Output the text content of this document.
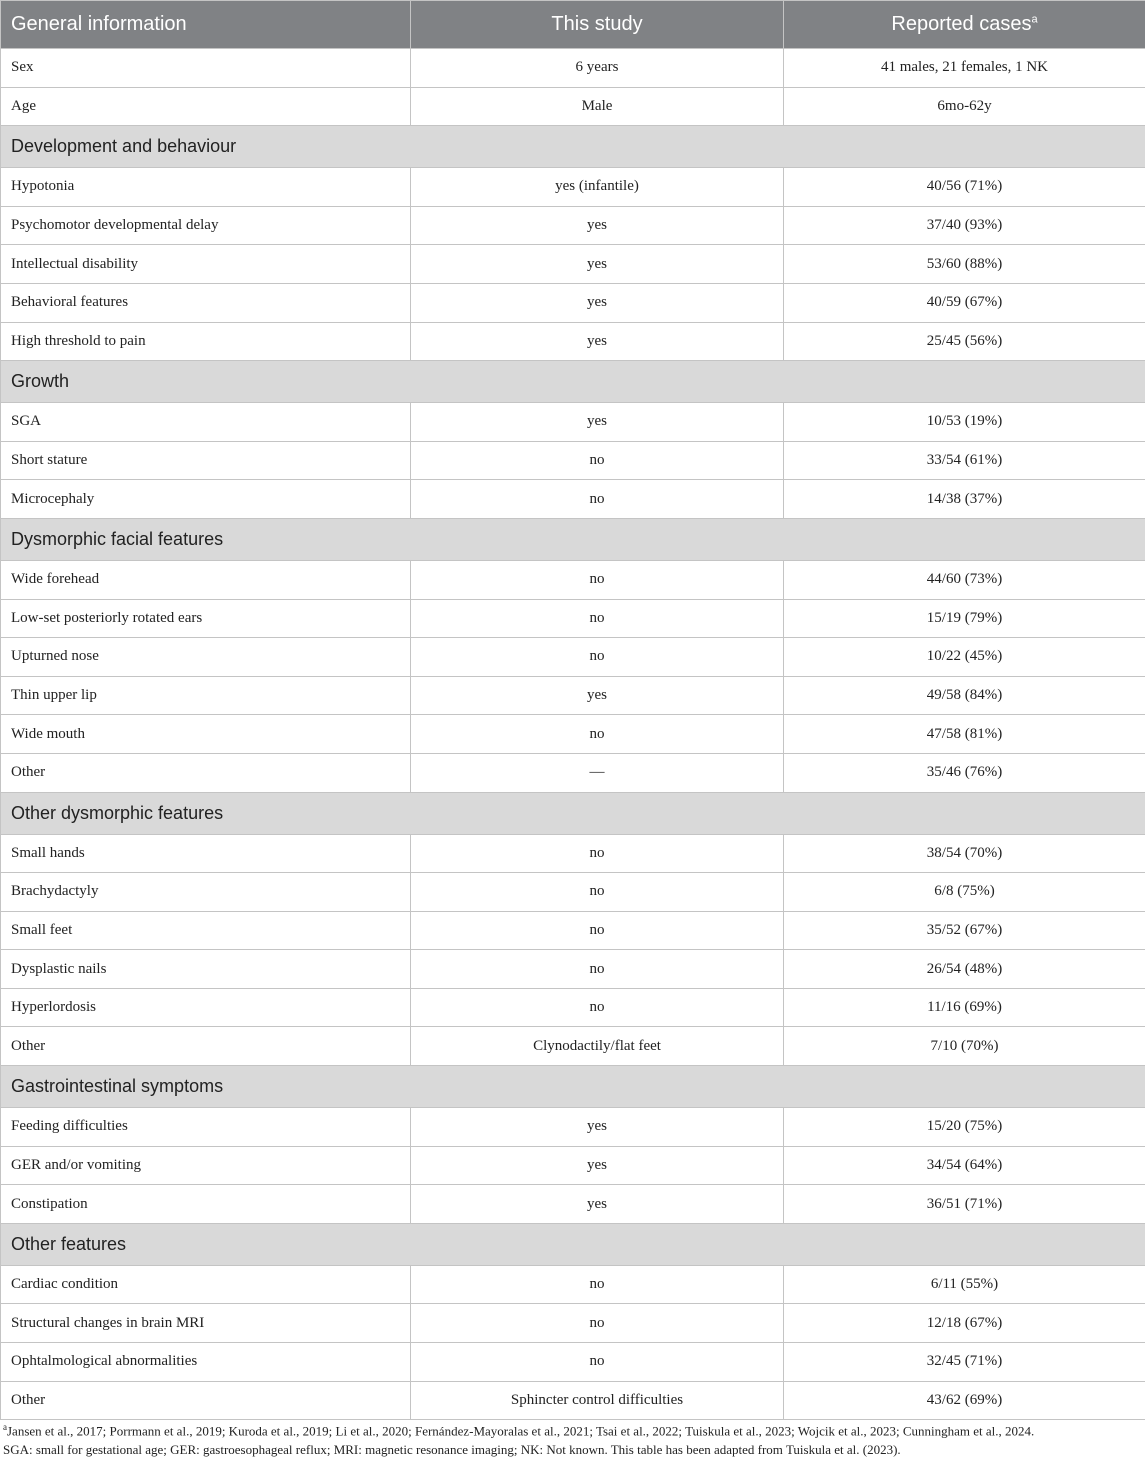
General information	This study	Reported cases$^a$
Sex	6 years	41 males, 21 females, 1 NK
Age	Male	6mo-62y
Development and behaviour		
Hypotonia	yes (infantile)	40/56 (71%)
Psychomotor developmental delay	yes	37/40 (93%)
Intellectual disability	yes	53/60 (88%)
Behavioral features	yes	40/59 (67%)
High threshold to pain	yes	25/45 (56%)
Growth		
SGA	yes	10/53 (19%)
Short stature	no	33/54 (61%)
Microcephaly	no	14/38 (37%)
Dysmorphic facial features		
Wide forehead	no	44/60 (73%)
Low-set posteriorly rotated ears	no	15/19 (79%)
Upturned nose	no	10/22 (45%)
Thin upper lip	yes	49/58 (84%)
Wide mouth	no	47/58 (81%)
Other	—	35/46 (76%)
Other dysmorphic features		
Small hands	no	38/54 (70%)
Brachydactyly	no	6/8 (75%)
Small feet	no	35/52 (67%)
Dysplastic nails	no	26/54 (48%)
Hyperlordosis	no	11/16 (69%)
Other	Clynodactily/flat feet	7/10 (70%)
Gastrointestinal symptoms		
Feeding difficulties	yes	15/20 (75%)
GER and/or vomiting	yes	34/54 (64%)
Constipation	yes	36/51 (71%)
Other features		
Cardiac condition	no	6/11 (55%)
Structural changes in brain MRI	no	12/18 (67%)
Ophtalmological abnormalities	no	32/45 (71%)
Other	Sphincter control difficulties	43/62 (69%)
$^a$Jansen et al., 2017; Porrmann et al., 2019; Kuroda et al., 2019; Li et al., 2020; Fernández-Mayoralas et al., 2021; Tsai et al., 2022; Tuiskula et al., 2023; Wojcik et al., 2023; Cunningham et al., 2024.
SGA: small for gestational age; GER: gastroesophageal reflux; MRI: magnetic resonance imaging; NK: Not known. This table has been adapted from Tuiskula et al. (2023).
